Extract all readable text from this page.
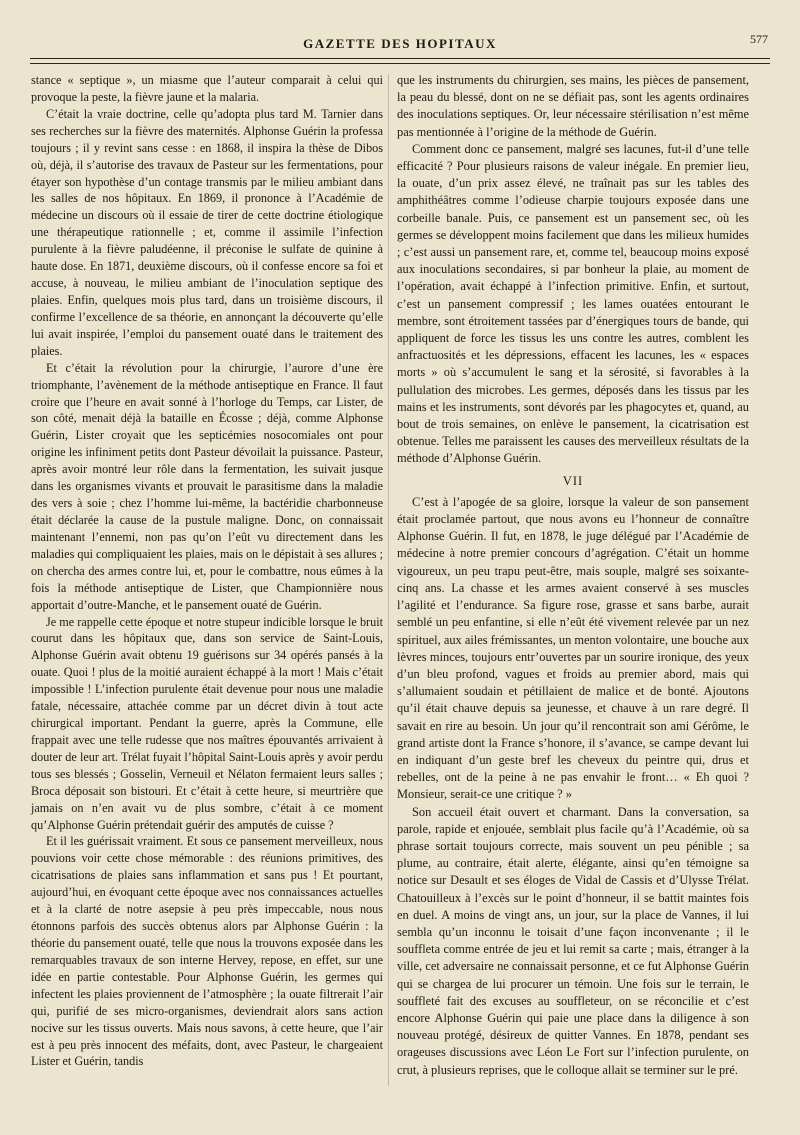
GAZETTE DES HOPITAUX	577

stance « septique », un miasme que l’auteur comparait à celui qui provoque la peste, la fièvre jaune et la malaria.

C’était la vraie doctrine, celle qu’adopta plus tard M. Tarnier dans ses recherches sur la fièvre des maternités. Alphonse Guérin la professa toujours ; il y revint sans cesse : en 1868, il inspira la thèse de Dibos où, déjà, il s’autorise des travaux de Pasteur sur les fermentations, pour étayer son hypothèse d’un contage transmis par le milieu ambiant dans les salles de nos hôpitaux. En 1869, il prononce à l’Académie de médecine un discours où il essaie de tirer de cette doctrine étiologique une thérapeutique rationnelle ; et, comme il assimile l’infection purulente à la fièvre paludéenne, il préconise le sulfate de quinine à haute dose. En 1871, deuxième discours, où il confesse encore sa foi et accuse, à nouveau, le milieu ambiant de l’inoculation septique des plaies. Enfin, quelques mois plus tard, dans un troisième discours, il confirme l’excellence de sa théorie, en annonçant la découverte qu’elle lui avait inspirée, l’emploi du pansement ouaté dans le traitement des plaies.

Et c’était la révolution pour la chirurgie, l’aurore d’une ère triomphante, l’avènement de la méthode antiseptique en France. Il faut croire que l’heure en avait sonné à l’horloge du Temps, car Lister, de son côté, menait déjà la bataille en Écosse ; déjà, comme Alphonse Guérin, Lister croyait que les septicémies nosocomiales ont pour origine les infiniment petits dont Pasteur dévoilait la puissance. Pasteur, après avoir montré leur rôle dans la fermentation, les suivait jusque dans les organismes vivants et prouvait le parasitisme dans la maladie des vers à soie ; chez l’homme lui-même, la bactéridie charbonneuse était déclarée la cause de la pustule maligne. Donc, on connaissait maintenant l’ennemi, non pas qu’on l’eût vu directement dans les maladies qui compliquaient les plaies, mais on le dépistait à ses allures ; on chercha des armes contre lui, et, pour le combattre, nous eûmes à la fois la méthode antiseptique de Lister, que Championnière nous apportait d’outre-Manche, et le pansement ouaté de Guérin.

Je me rappelle cette époque et notre stupeur indicible lorsque le bruit courut dans les hôpitaux que, dans son service de Saint-Louis, Alphonse Guérin avait obtenu 19 guérisons sur 34 opérés pansés à la ouate. Quoi ! plus de la moitié auraient échappé à la mort ! Mais c’était impossible ! L’infection purulente était devenue pour nous une maladie fatale, nécessaire, attachée comme par un décret divin à tout acte chirurgical important. Pendant la guerre, après la Commune, elle frappait avec une telle rudesse que nos maîtres épouvantés arrivaient à douter de leur art. Trélat fuyait l’hôpital Saint-Louis après y avoir perdu tous ses blessés ; Gosselin, Verneuil et Nélaton fermaient leurs salles ; Broca déposait son bistouri. Et c’était à cette heure, si meurtrière que jamais on n’en avait vu de plus sombre, c’était à ce moment qu’Alphonse Guérin prétendait guérir des amputés de cuisse ?

Et il les guérissait vraiment. Et sous ce pansement merveilleux, nous pouvions voir cette chose mémorable : des réunions primitives, des cicatrisations de plaies sans inflammation et sans pus ! Et pourtant, aujourd’hui, en évoquant cette époque avec nos connaissances actuelles et à la clarté de notre asepsie à peu près impeccable, nous nous étonnons parfois des succès obtenus alors par Alphonse Guérin : la théorie du pansement ouaté, telle que nous la trouvons exposée dans les remarquables travaux de son interne Hervey, repose, en effet, sur une idée en partie contestable. Pour Alphonse Guérin, les germes qui infectent les plaies proviennent de l’atmosphère ; la ouate filtrerait l’air qui, purifié de ses micro-organismes, deviendrait alors sans action nocive sur les tissus ouverts. Mais nous savons, à cette heure, que l’air est à peu près innocent des méfaits, dont, avec Pasteur, le chargeaient Lister et Guérin, tandis

que les instruments du chirurgien, ses mains, les pièces de pansement, la peau du blessé, dont on ne se défiait pas, sont les agents ordinaires des inoculations septiques. Or, leur nécessaire stérilisation n’est même pas mentionnée à l’origine de la méthode de Guérin.

Comment donc ce pansement, malgré ses lacunes, fut-il d’une telle efficacité ? Pour plusieurs raisons de valeur inégale. En premier lieu, la ouate, d’un prix assez élevé, ne traînait pas sur les tables des amphithéâtres comme l’odieuse charpie toujours exposée dans une corbeille banale. Puis, ce pansement est un pansement sec, où les germes se développent moins facilement que dans les milieux humides ; c’est aussi un pansement rare, et, comme tel, beaucoup moins exposé aux inoculations secondaires, si par bonheur la plaie, au moment de l’opération, avait échappé à l’infection primitive. Enfin, et surtout, c’est un pansement compressif ; les lames ouatées entourant le membre, sont étroitement tassées par d’énergiques tours de bande, qui appliquent de force les tissus les uns contre les autres, comblent les anfractuosités et les dépressions, effacent les lacunes, les « espaces morts » où s’accumulent le sang et la sérosité, si favorables à la pullulation des microbes. Les germes, déposés dans les tissus par les mains et les instruments, sont dévorés par les phagocytes et, quand, au bout de trois semaines, on enlève le pansement, la cicatrisation est obtenue. Telles me paraissent les causes des merveilleux résultats de la méthode d’Alphonse Guérin.

VII

C’est à l’apogée de sa gloire, lorsque la valeur de son pansement était proclamée partout, que nous avons eu l’honneur de connaître Alphonse Guérin. Il fut, en 1878, le juge délégué par l’Académie de médecine à notre premier concours d’agrégation. C’était un homme vigoureux, un peu trapu peut-être, mais souple, malgré ses soixante-cinq ans. La chasse et les armes avaient conservé à ses muscles l’agilité et l’endurance. Sa figure rose, grasse et sans barbe, aurait semblé un peu enfantine, si elle n’eût été vivement relevée par un nez spirituel, aux ailes frémissantes, un menton volontaire, une bouche aux lèvres minces, toujours entr’ouvertes par un sourire ironique, des yeux d’un bleu profond, vagues et froids au premier abord, mais qui s’allumaient soudain et pétillaient de malice et de bonté. Ajoutons qu’il était chauve depuis sa jeunesse, et chauve à un rare degré. Il savait en rire au besoin. Un jour qu’il rencontrait son ami Gérôme, le grand artiste dont la France s’honore, il s’avance, se campe devant lui en indiquant d’un geste bref les cheveux du peintre qui, drus et rebelles, ont de la peine à ne pas envahir le front… « Eh quoi ? Monsieur, serait-ce une critique ? »

Son accueil était ouvert et charmant. Dans la conversation, sa parole, rapide et enjouée, semblait plus facile qu’à l’Académie, où sa phrase sortait toujours correcte, mais souvent un peu pénible ; sa plume, au contraire, était alerte, élégante, ainsi qu’en témoigne sa notice sur Desault et ses éloges de Vidal de Cassis et d’Ulysse Trélat. Chatouilleux à l’excès sur le point d’honneur, il se battit maintes fois en duel. A moins de vingt ans, un jour, sur la place de Vannes, il lui sembla qu’un inconnu le toisait d’une façon inconvenante ; il le souffleta comme entrée de jeu et lui remit sa carte ; mais, étranger à la ville, cet adversaire ne connaissait personne, et ce fut Alphonse Guérin qui se chargea de lui procurer un témoin. Une fois sur le terrain, le souffleté fait des excuses au souffleteur, on se réconcilie et c’est encore Alphonse Guérin qui paie une place dans la diligence à son nouveau protégé, désireux de quitter Vannes. En 1878, pendant ses orageuses discussions avec Léon Le Fort sur l’infection purulente, on crut, à plusieurs reprises, que le colloque allait se terminer sur le pré.
